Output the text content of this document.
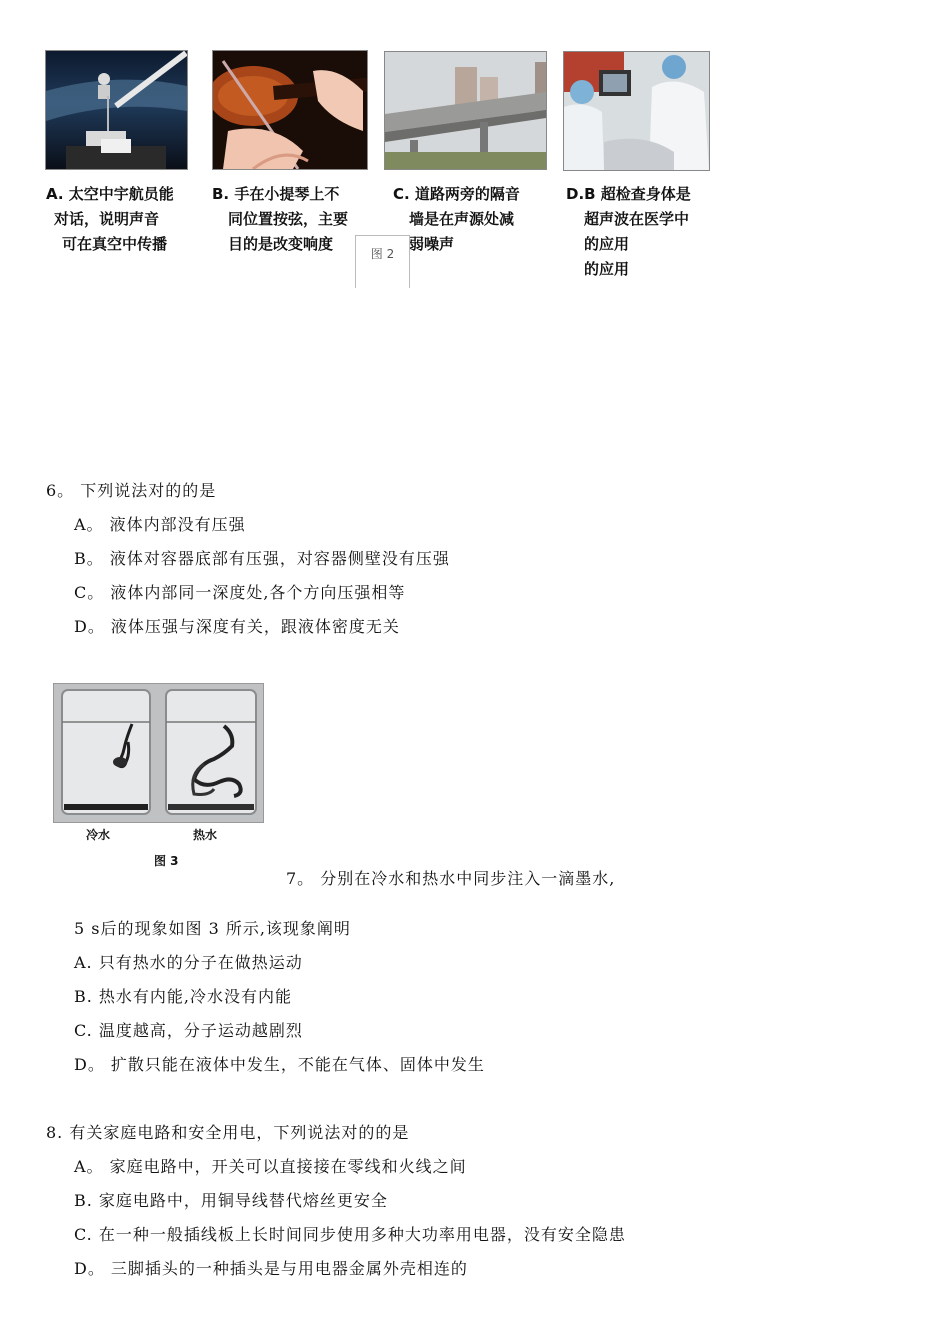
A. 太空中宇航员能
对话，说明声音
可在真空中传播
B. 手在小提琴上不
同位置按弦，主要
目的是改变响度
C. 道路两旁的隔音
墙是在声源处减
弱噪声
D.B 超检查身体是
超声波在医学中
的应用
的应用
图 2
6。 下列说法对的的是
A。 液体内部没有压强
B。 液体对容器底部有压强，对容器侧壁没有压强
C。 液体内部同一深度处,各个方向压强相等
D。 液体压强与深度有关，跟液体密度无关
冷水	热水
图 3
7。 分别在冷水和热水中同步注入一滴墨水,
5 s后的现象如图 3 所示,该现象阐明
A. 只有热水的分子在做热运动
B. 热水有内能,冷水没有内能
C. 温度越高，分子运动越剧烈
D。 扩散只能在液体中发生，不能在气体、固体中发生
8. 有关家庭电路和安全用电，下列说法对的的是
A。 家庭电路中，开关可以直接接在零线和火线之间
B. 家庭电路中，用铜导线替代熔丝更安全
C. 在一种一般插线板上长时间同步使用多种大功率用电器，没有安全隐患
D。 三脚插头的一种插头是与用电器金属外壳相连的
